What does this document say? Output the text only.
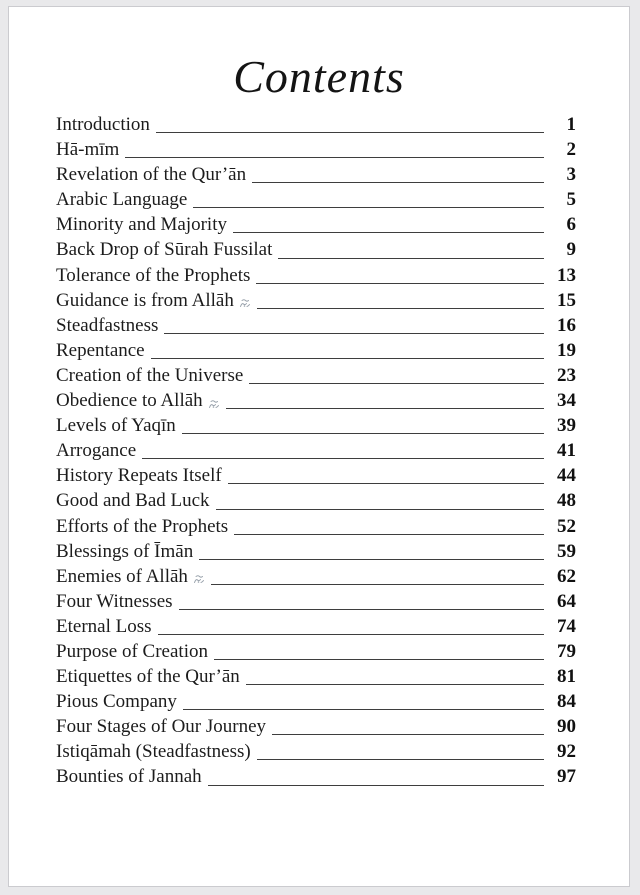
Contents
Introduction	1
Hā-mīm	2
Revelation of the Qur’ān	3
Arabic Language	5
Minority and Majority	6
Back Drop of Sūrah Fussilat	9
Tolerance of the Prophets	13
Guidance is from Allāh	15
Steadfastness	16
Repentance	19
Creation of the Universe	23
Obedience to Allāh	34
Levels of Yaqīn	39
Arrogance	41
History Repeats Itself	44
Good and Bad Luck	48
Efforts of the Prophets	52
Blessings of Īmān	59
Enemies of Allāh	62
Four Witnesses	64
Eternal Loss	74
Purpose of Creation	79
Etiquettes of the Qur’ān	81
Pious Company	84
Four Stages of Our Journey	90
Istiqāmah (Steadfastness)	92
Bounties of Jannah	97
